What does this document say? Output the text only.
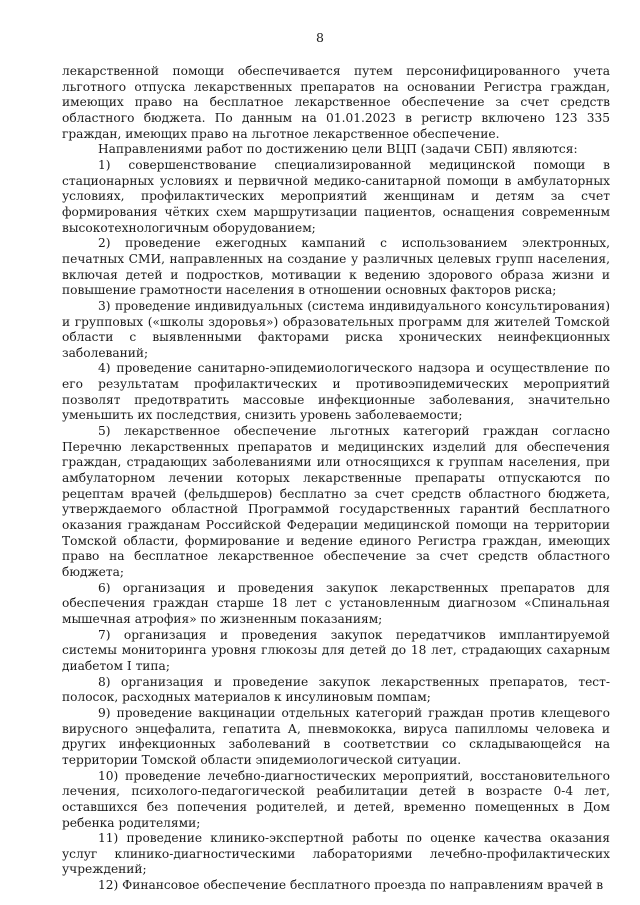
8

лекарственной помощи обеспечивается путем персонифицированного учета льготного отпуска лекарственных препаратов на основании Регистра граждан, имеющих право на бесплатное лекарственное обеспечение за счет средств областного бюджета. По данным на 01.01.2023 в регистр включено 123 335 граждан, имеющих право на льготное лекарственное обеспечение.

Направлениями работ по достижению цели ВЦП (задачи СБП) являются:

1) совершенствование специализированной медицинской помощи в стационарных условиях и первичной медико-санитарной помощи в амбулаторных условиях, профилактических мероприятий женщинам и детям за счет формирования чётких схем маршрутизации пациентов, оснащения современным высокотехнологичным оборудованием;

2) проведение ежегодных кампаний с использованием электронных, печатных СМИ, направленных на создание у различных целевых групп населения, включая детей и подростков, мотивации к ведению здорового образа жизни и повышение грамотности населения в отношении основных факторов риска;

3) проведение индивидуальных (система индивидуального консультирования) и групповых («школы здоровья») образовательных программ для жителей Томской области с выявленными факторами риска хронических неинфекционных заболеваний;

4) проведение санитарно-эпидемиологического надзора и осуществление по его результатам профилактических и противоэпидемических мероприятий позволят предотвратить массовые инфекционные заболевания, значительно уменьшить их последствия, снизить уровень заболеваемости;

5) лекарственное обеспечение льготных категорий граждан согласно Перечню лекарственных препаратов и медицинских изделий для обеспечения граждан, страдающих заболеваниями или относящихся к группам населения, при амбулаторном лечении которых лекарственные препараты отпускаются по рецептам врачей (фельдшеров) бесплатно за счет средств областного бюджета, утверждаемого областной Программой государственных гарантий бесплатного оказания гражданам Российской Федерации медицинской помощи на территории Томской области, формирование и ведение единого Регистра граждан, имеющих право на бесплатное лекарственное обеспечение за счет средств областного бюджета;

6) организация и проведения закупок лекарственных препаратов для обеспечения граждан старше 18 лет с установленным диагнозом «Спинальная мышечная атрофия» по жизненным показаниям;

7) организация и проведения закупок передатчиков имплантируемой системы мониторинга уровня глюкозы для детей до 18 лет, страдающих сахарным диабетом I типа;

8) организация и проведение закупок лекарственных препаратов, тест-полосок, расходных материалов к инсулиновым помпам;

9) проведение вакцинации отдельных категорий граждан против клещевого вирусного энцефалита, гепатита А, пневмококка, вируса папилломы человека и других инфекционных заболеваний в соответствии со складывающейся на территории Томской области эпидемиологической ситуации.

10) проведение лечебно-диагностических мероприятий, восстановительного лечения, психолого-педагогической реабилитации детей в возрасте 0-4 лет, оставшихся без попечения родителей, и детей, временно помещенных в Дом ребенка родителями;

11) проведение клинико-экспертной работы по оценке качества оказания услуг клинико-диагностическими лабораториями лечебно-профилактических учреждений;

12) Финансовое обеспечение бесплатного проезда по направлениям врачей в
